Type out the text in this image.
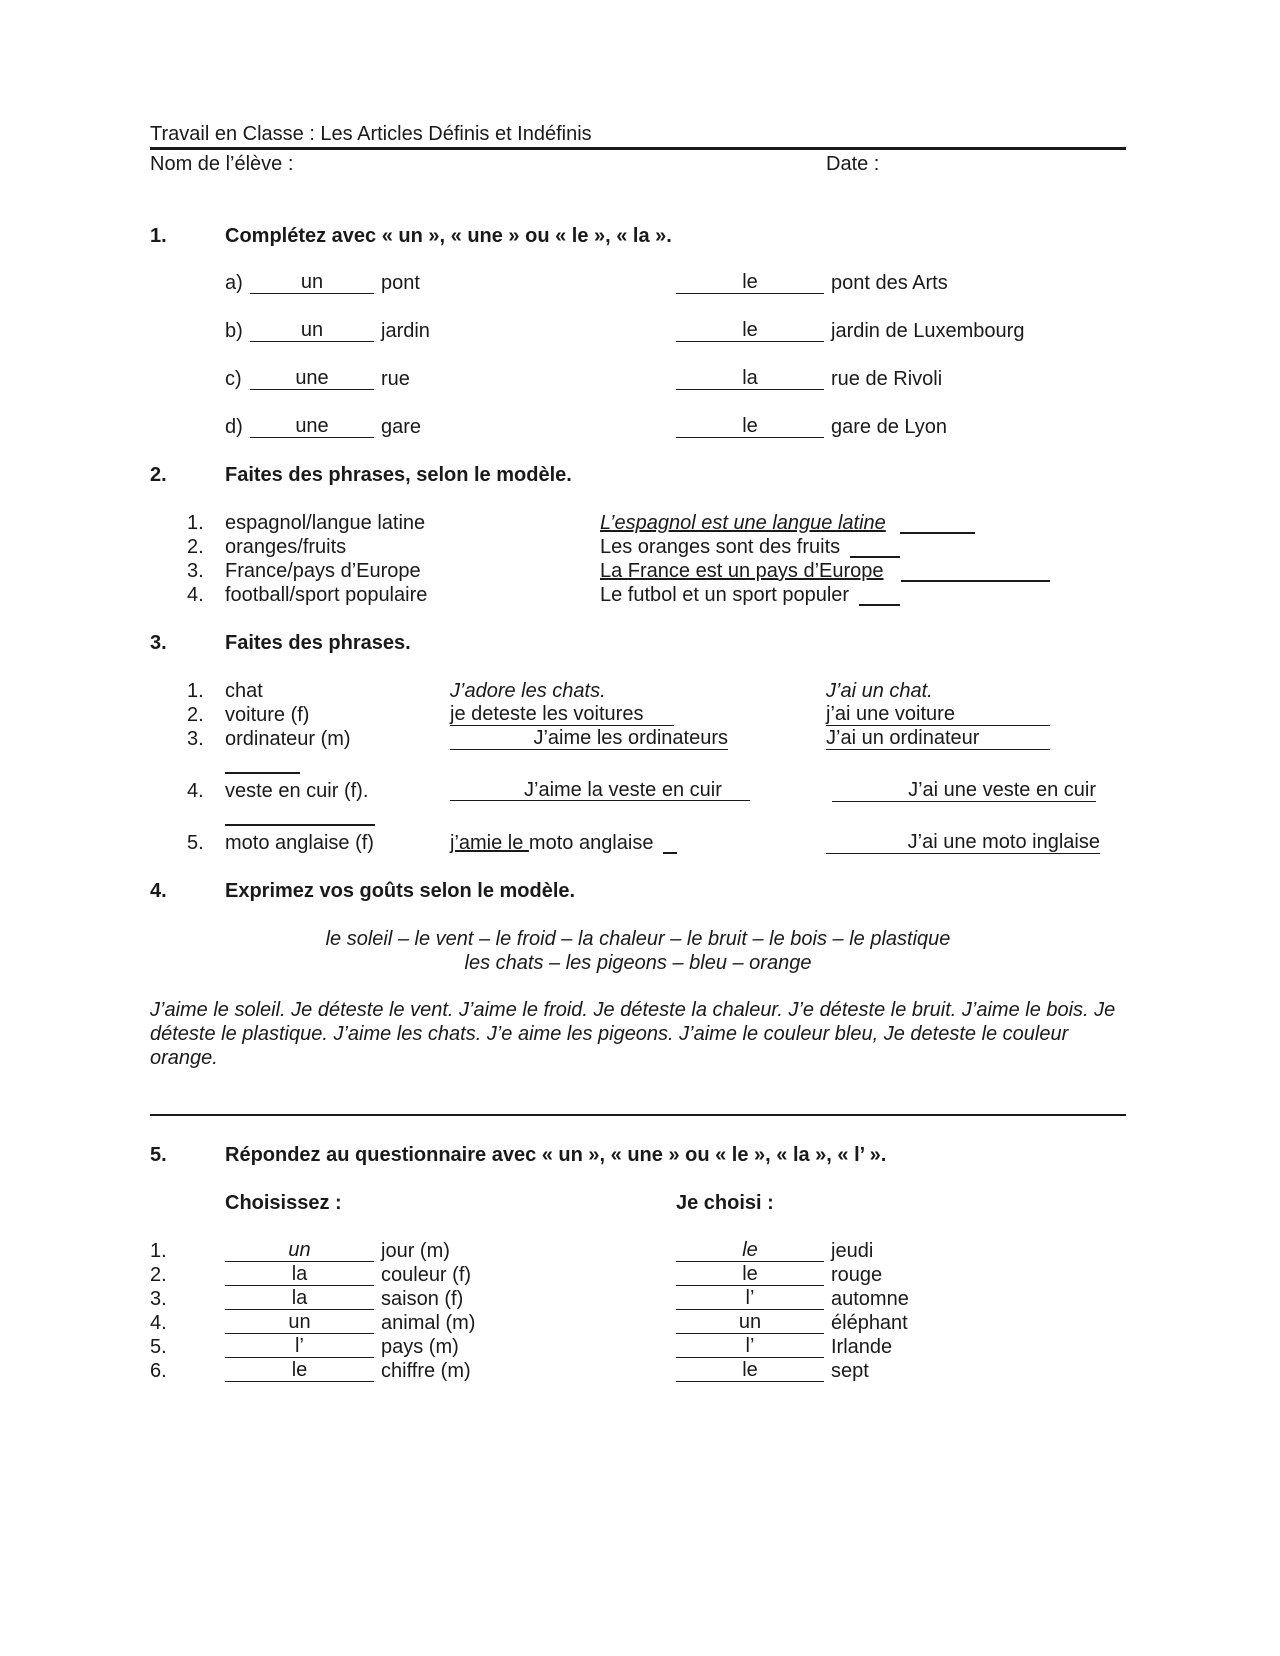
Travail en Classe : Les Articles Définis et Indéfinis
Nom de l’élève :	Date :
1.	Complétez avec « un », « une » ou « le », « la ».
a)	un	pont	le	pont des Arts
b)	un	jardin	le	jardin de Luxembourg
c)	une	rue	la	rue de Rivoli
d)	une	gare	le	gare de Lyon
2.	Faites des phrases, selon le modèle.
1. espagnol/langue latine	L’espagnol est une langue latine
2. oranges/fruits	Les oranges sont des fruits
3. France/pays d’Europe	La France est un pays d’Europe
4. football/sport populaire	Le futbol et un sport populer
3.	Faites des phrases.
1. chat	J’adore les chats.	J’ai un chat.
2. voiture (f)	je deteste les voitures	j’ai une voiture
3. ordinateur (m)	J’aime les ordinateurs	J’ai un ordinateur
4. veste en cuir (f).	J’aime la veste en cuir	J’ai une veste en cuir
5. moto anglaise (f)	j’amie le moto anglaise	J’ai une moto inglaise
4.	Exprimez vos goûts selon le modèle.
le soleil – le vent – le froid – la chaleur – le bruit – le bois – le plastique
les chats – les pigeons – bleu – orange
J’aime le soleil. Je déteste le vent. J’aime le froid. Je déteste la chaleur. J’e déteste le bruit. J’aime le bois. Je déteste le plastique. J’aime les chats. J’e aime les pigeons. J’aime le couleur bleu, Je deteste le couleur orange.
5.	Répondez au questionnaire avec « un », « une » ou « le », « la », « l’ ».
Choisissez :	Je choisi :
1.	un	jour (m)	le	jeudi
2.	la	couleur (f)	le	rouge
3.	la	saison (f)	l’	automne
4.	un	animal (m)	un	éléphant
5.	l’	pays (m)	l’	Irlande
6.	le	chiffre (m)	le	sept
